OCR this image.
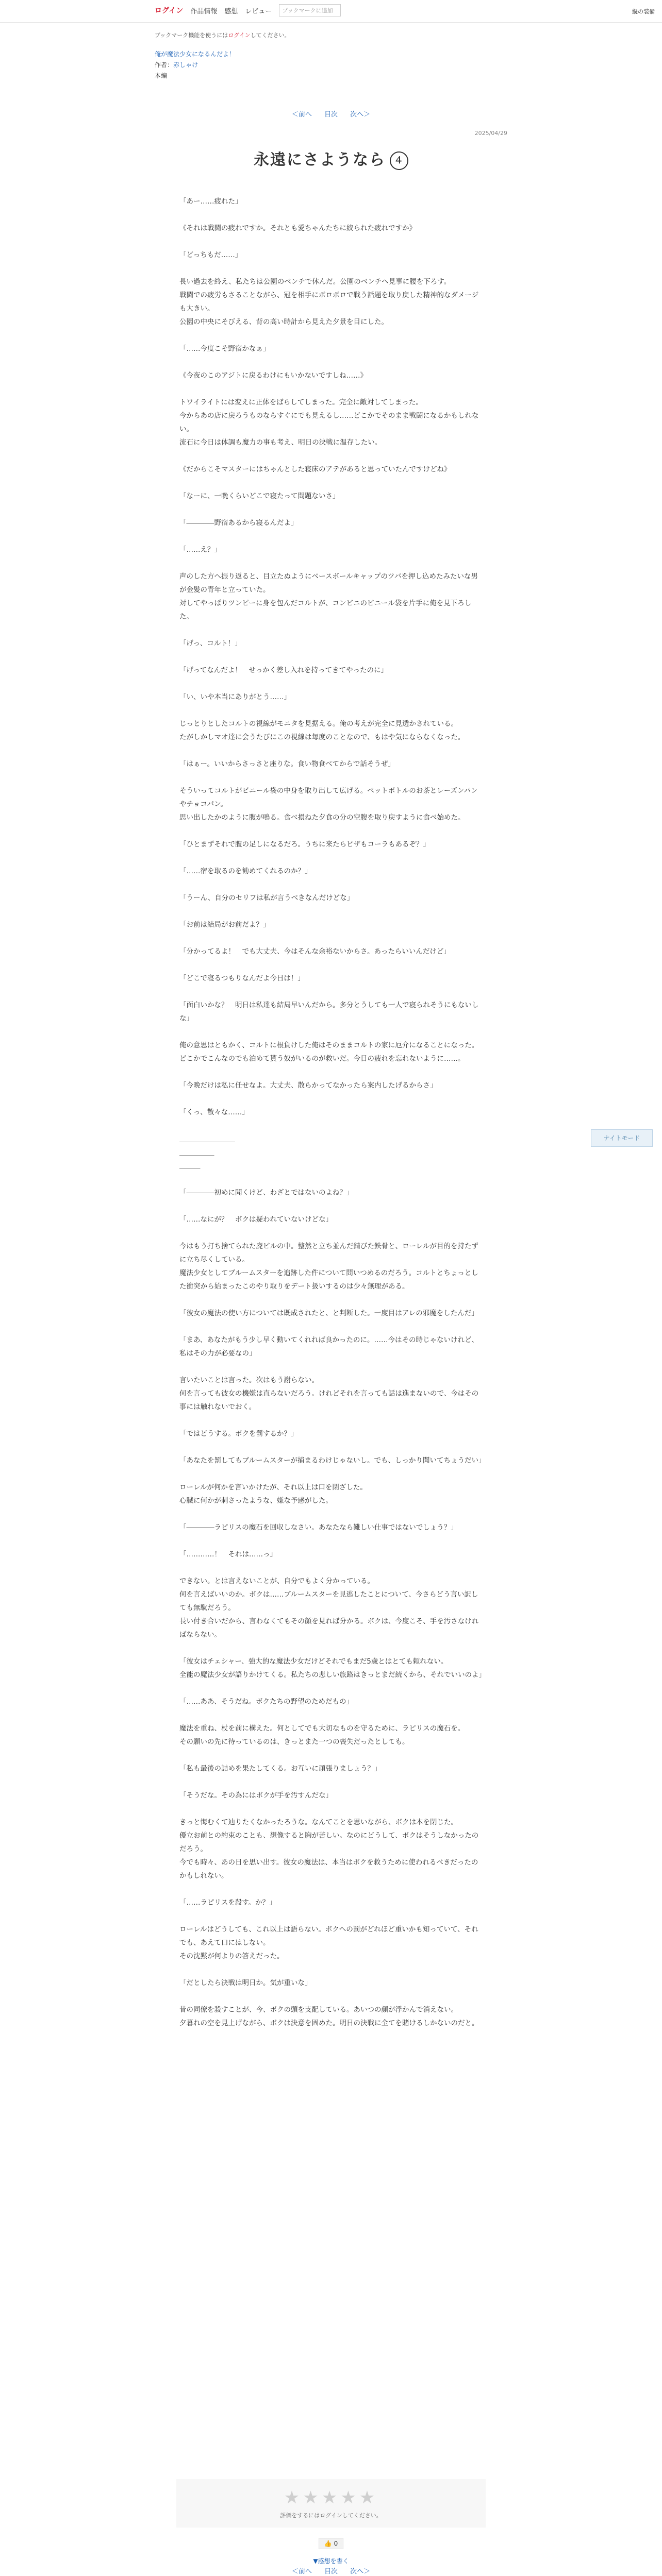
ログイン 作品情報 感想 レビュー	ブックマークに追加	縦の装備
ブックマーク機能を使うにはログインしてください。
俺が魔法少女になるんだよ！
作者：赤しゃけ
本編
＜前へ 目次 次へ＞
2025/04/29
永遠にさようなら ４

「あー……疲れた」

《それは戦闘の疲れですか。それとも愛ちゃんたちに絞られた疲れですか》

「どっちもだ……」

長い過去を終え、私たちは公園のベンチで休んだ。公園のベンチへ見事に腰を下ろす。
戦闘での疲労もさることながら、冠を相手にボロボロで戦う話題を取り戻した精神的なダメージも大きい。
公園の中央にそびえる、背の高い時計から見えた夕景を目にした。

「……今度こそ野宿かなぁ」

《今夜のこのアジトに戻るわけにもいかないですしね……》

トワイライトには変えに正体をばらしてしまった。完全に敵対してしまった。
今からあの店に戻ろうものならすぐにでも見えるし……どこかでそのまま戦闘になるかもしれない。
流石に今日は体調も魔力の事も考え、明日の決戦に温存したい。

《だからこそマスターにはちゃんとした寝床のアテがあると思っていたんですけどね》

「なーに、一晩くらいどこで寝たって問題ないさ」

「――――野宿あるから寝るんだよ」

「……え？」

声のした方へ振り返ると、目立たぬようにベースボールキャップのツバを押し込めたみたいな男が金髪の青年と立っていた。
対してやっぱりツンピーに身を包んだコルトが、コンビニのビニール袋を片手に俺を見下ろした。

「げっ、コルト！」

「げってなんだよ！　せっかく差し入れを持ってきてやったのに」

「い、いや本当にありがとう……」

じっとりとしたコルトの視線がモニタを見据える。俺の考えが完全に見透かされている。
たがしかしマオ達に会うたびにこの視線は毎度のことなので、もはや気にならなくなった。

「はぁー。いいからさっさと座りな。食い物食べてからで話そうぜ」

そういってコルトがビニール袋の中身を取り出して広げる。ペットボトルのお茶とレーズンパンやチョコパン。
思い出したかのように腹が鳴る。食べ損ねた夕食の分の空腹を取り戻すように食べ始めた。

「ひとまずそれで腹の足しになるだろ。うちに来たらピザもコーラもあるぞ？」

「……宿を取るのを勧めてくれるのか？」

「うーん、自分のセリフは私が言うべきなんだけどな」

「お前は結局がお前だよ？」

「分かってるよ！　でも大丈夫、今はそんな余裕ないからさ。あったらいいんだけど」

「どこで寝るつもりなんだよ今日は！」

「面白いかな？　明日は私達も結局早いんだから。多分とうしても一人で寝られそうにもないしな」

俺の意思はともかく、コルトに根負けした俺はそのままコルトの家に厄介になることになった。
どこかでこんなのでも泊めて貰う奴がいるのが救いだ。今日の疲れを忘れないように……。

「今晩だけは私に任せなよ。大丈夫、散らかってなかったら案内したげるからさ」

「くっ、散々な……」

＿＿＿＿＿＿＿＿
＿＿＿＿＿
＿＿＿

「――――初めに聞くけど、わざとではないのよね？」

「……なにが？　ボクは疑われていないけどな」

今はもう打ち捨てられた廃ビルの中。整然と立ち並んだ錆びた鉄骨と、ローレルが目的を持たずに立ち尽くしている。
魔法少女としてブルームスターを追跡した件について問いつめるのだろう。コルトとちょっとした衝突から始まったこのやり取りをデート扱いするのは少々無理がある。

「彼女の魔法の使い方については既成されたと、と判断した。一度目はアレの邪魔をしたんだ」

「まあ、あなたがもう少し早く動いてくれれば良かったのに。……今はその時じゃないけれど、私はその力が必要なの」

言いたいことは言った。次はもう謝らない。
何を言っても彼女の機嫌は直らないだろう。けれどそれを言っても話は進まないので、今はその事には触れないでおく。

「ではどうする。ボクを罰するか？」

「あなたを罰してもブルームスターが捕まるわけじゃないし。でも、しっかり聞いてちょうだい」

ローレルが何かを言いかけたが、それ以上は口を閉ざした。
心臓に何かが刺さったような、嫌な予感がした。

「――――ラピリスの魔石を回収しなさい。あなたなら難しい仕事ではないでしょう？」

「…………！　それは……っ」

できない。とは言えないことが、自分でもよく分かっている。
何を言えばいいのか。ボクは……ブルームスターを見逃したことについて、今さらどう言い訳しても無駄だろう。
長い付き合いだから、言わなくてもその顔を見れば分かる。ボクは、今度こそ、手を汚さなければならない。

「彼女はチェシャー、強大的な魔法少女だけどそれでもまだ5歳とはとても頼れない。
全能の魔法少女が語りかけてくる。私たちの悲しい旅路はきっとまだ続くから、それでいいのよ」

「……ああ、そうだね。ボクたちの野望のためだもの」

魔法を重ね、杖を前に構えた。何としてでも大切なものを守るために、ラピリスの魔石を。
その願いの先に待っているのは、きっとまた一つの喪失だったとしても。

「私も最後の詰めを果たしてくる。お互いに頑張りましょう？」

「そうだな。その為にはボクが手を汚すんだな」

きっと悔むくて辿りたくなかったろうな。なんてことを思いながら、ボクは本を閉じた。
優立お前との約束のことも、想像すると胸が苦しい。なのにどうして、ボクはそうしなかったのだろう。
今でも時々、あの日を思い出す。彼女の魔法は、本当はボクを救うために使われるべきだったのかもしれない。

「……ラピリスを殺す。か？」

ローレルはどうしても、これ以上は語らない。ボクへの罰がどれほど重いかも知っていて、それでも、あえて口にはしない。
その沈黙が何よりの答えだった。

「だとしたら決戦は明日か。気が重いな」

昔の同僚を殺すことが、今、ボクの頭を支配している。あいつの顔が浮かんで消えない。
夕暮れの空を見上げながら、ボクは決意を固めた。明日の決戦に全てを賭けるしかないのだと。

ナイトモード
★★★★★
評価をするにはログインしてください。
👍 0
▼感想を書く
＜前へ 目次 次へ＞
